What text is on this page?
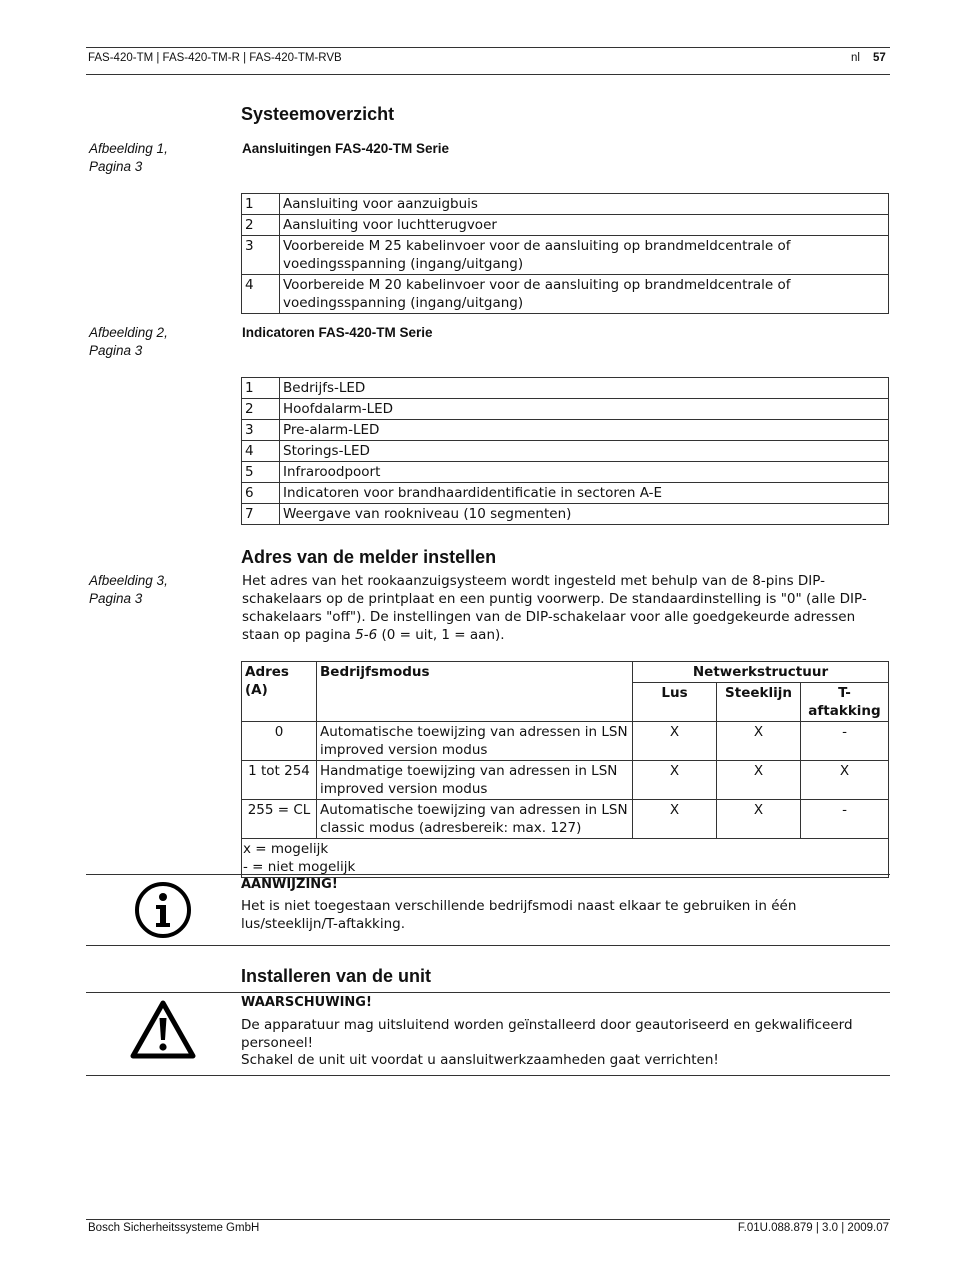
FAS-420-TM | FAS-420-TM-R | FAS-420-TM-RVB	nl 57
Systeemoverzicht
Afbeelding 1,
Pagina 3
Aansluitingen FAS-420-TM Serie
1	Aansluiting voor aanzuigbuis
2	Aansluiting voor luchtterugvoer
3	Voorbereide M 25 kabelinvoer voor de aansluiting op brandmeldcentrale of voedingsspanning (ingang/uitgang)
4	Voorbereide M 20 kabelinvoer voor de aansluiting op brandmeldcentrale of voedingsspanning (ingang/uitgang)
Afbeelding 2,
Pagina 3
Indicatoren FAS-420-TM Serie
1	Bedrijfs-LED
2	Hoofdalarm-LED
3	Pre-alarm-LED
4	Storings-LED
5	Infraroodpoort
6	Indicatoren voor brandhaardidentificatie in sectoren A-E
7	Weergave van rookniveau (10 segmenten)
Adres van de melder instellen
Afbeelding 3,
Pagina 3
Het adres van het rookaanzuigsysteem wordt ingesteld met behulp van de 8-pins DIP-schakelaars op de printplaat en een puntig voorwerp. De standaardinstelling is "0" (alle DIP-schakelaars "off"). De instellingen van de DIP-schakelaar voor alle goedgekeurde adressen staan op pagina 5-6 (0 = uit, 1 = aan).
Adres (A)	Bedrijfsmodus	Netwerkstructuur		
		Lus	Steeklijn	T-aftakking
0	Automatische toewijzing van adressen in LSN improved version modus	X	X	-
1 tot 254	Handmatige toewijzing van adressen in LSN improved version modus	X	X	X
255 = CL	Automatische toewijzing van adressen in LSN classic modus (adresbereik: max. 127)	X	X	-

x = mogelijk
- = niet mogelijk				
AANWIJZING!
Het is niet toegestaan verschillende bedrijfsmodi naast elkaar te gebruiken in één lus/steeklijn/T-aftakking.
Installeren van de unit
WAARSCHUWING!
De apparatuur mag uitsluitend worden geïnstalleerd door geautoriseerd en gekwalificeerd personeel!
Schakel de unit uit voordat u aansluitwerkzaamheden gaat verrichten!
Bosch Sicherheitssysteme GmbH	F.01U.088.879 | 3.0 | 2009.07
